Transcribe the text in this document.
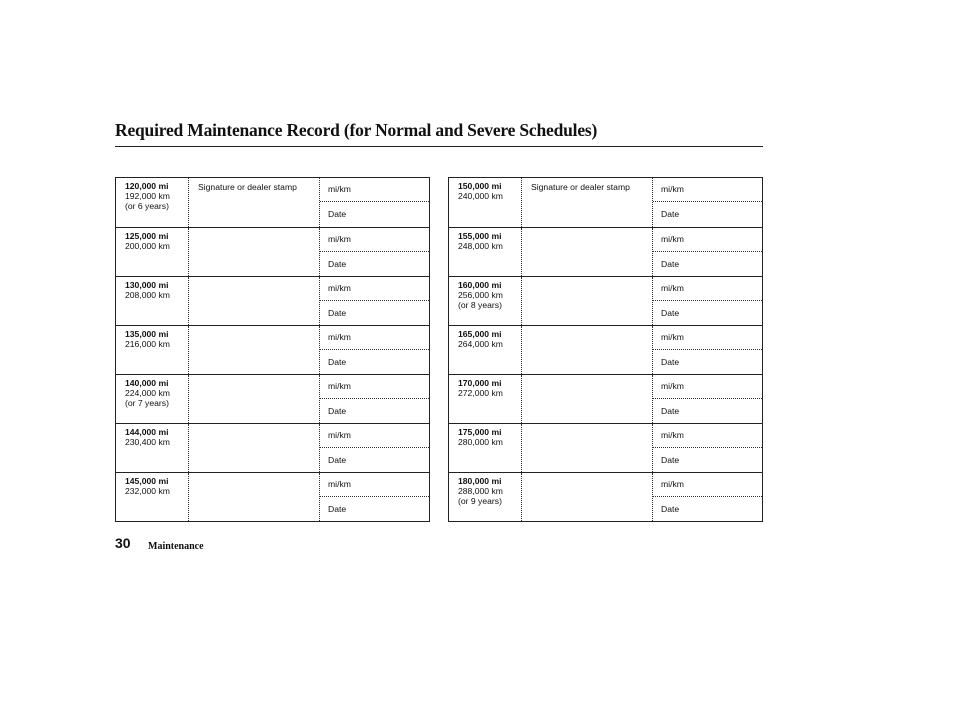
Required Maintenance Record (for Normal and Severe Schedules)
120,000 mi
192,000 km
(or 6 years)
Signature or dealer stamp	mi/km
Date
125,000 mi
200,000 km
mi/km
Date
130,000 mi
208,000 km
mi/km
Date
135,000 mi
216,000 km
mi/km
Date
140,000 mi
224,000 km
(or 7 years)
mi/km
Date
144,000 mi
230,400 km
mi/km
Date
145,000 mi
232,000 km
mi/km
Date
150,000 mi
240,000 km
Signature or dealer stamp	mi/km
Date
155,000 mi
248,000 km
mi/km
Date
160,000 mi
256,000 km
(or 8 years)
mi/km
Date
165,000 mi
264,000 km
mi/km
Date
170,000 mi
272,000 km
mi/km
Date
175,000 mi
280,000 km
mi/km
Date
180,000 mi
288,000 km
(or 9 years)
mi/km
Date
30 Maintenance
